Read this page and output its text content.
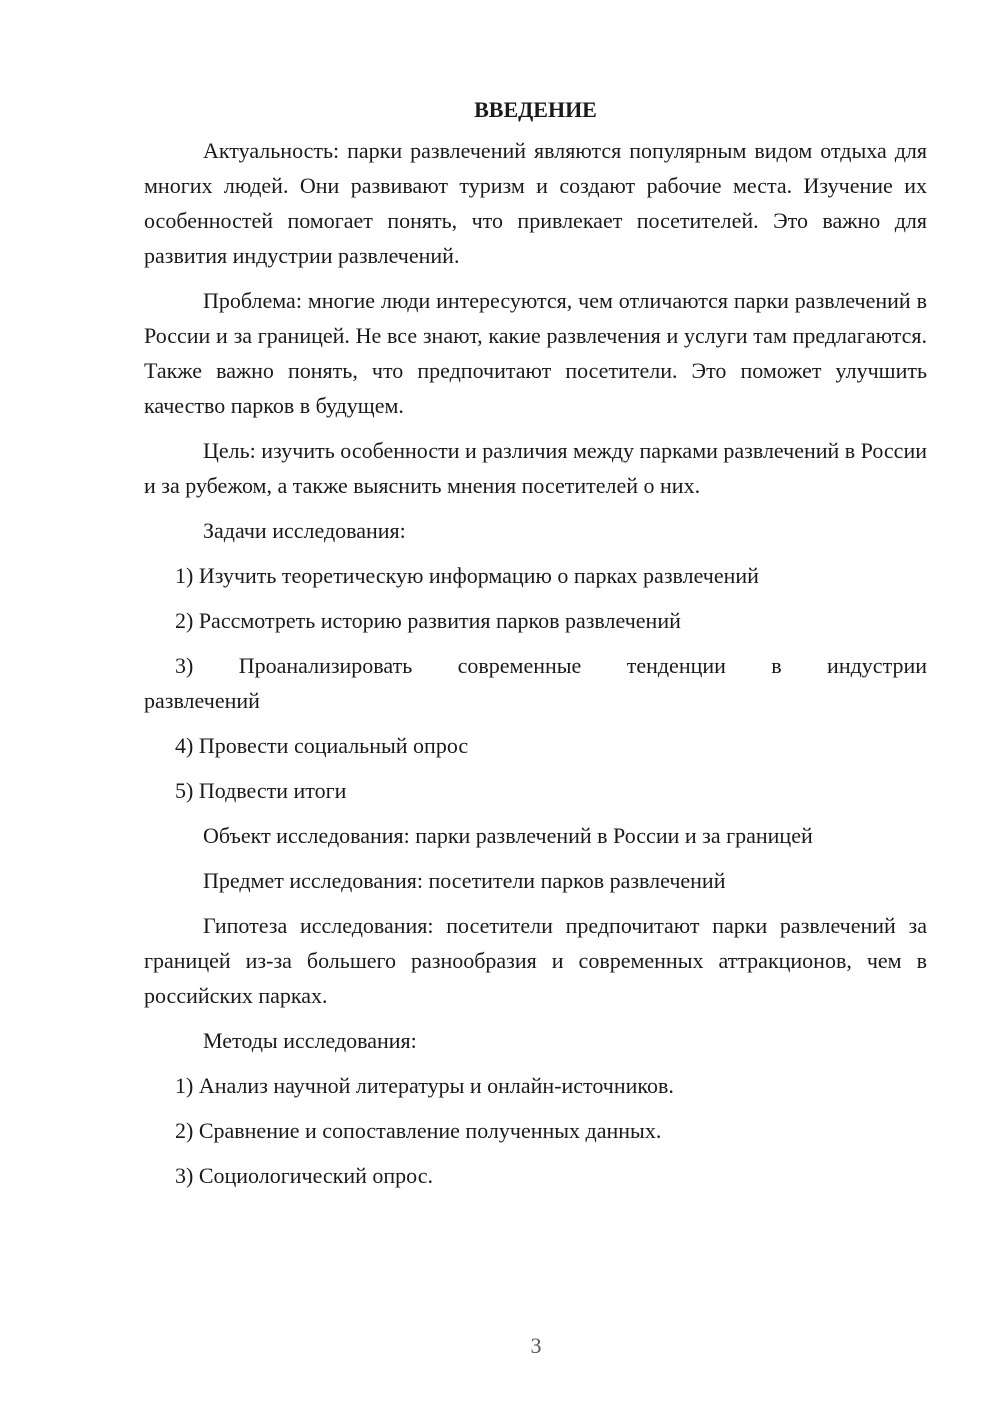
ВВЕДЕНИЕ

Актуальность: парки развлечений являются популярным видом отдыха для многих людей. Они развивают туризм и создают рабочие места. Изучение их особенностей помогает понять, что привлекает посетителей. Это важно для развития индустрии развлечений.

Проблема: многие люди интересуются, чем отличаются парки развлечений в России и за границей. Не все знают, какие развлечения и услуги там предлагаются. Также важно понять, что предпочитают посетители. Это поможет улучшить качество парков в будущем.

Цель: изучить особенности и различия между парками развлечений в России и за рубежом, а также выяснить мнения посетителей о них.

Задачи исследования:

1) Изучить теоретическую информацию о парках развлечений

2) Рассмотреть историю развития парков развлечений

3) Проанализировать современные тенденции в индустрии
развлечений

4) Провести социальный опрос

5) Подвести итоги

Объект исследования: парки развлечений в России и за границей

Предмет исследования: посетители парков развлечений

Гипотеза исследования: посетители предпочитают парки развлечений за границей из-за большего разнообразия и современных аттракционов, чем в российских парках.

Методы исследования:

1) Анализ научной литературы и онлайн-источников.

2) Сравнение и сопоставление полученных данных.

3) Социологический опрос.

3
